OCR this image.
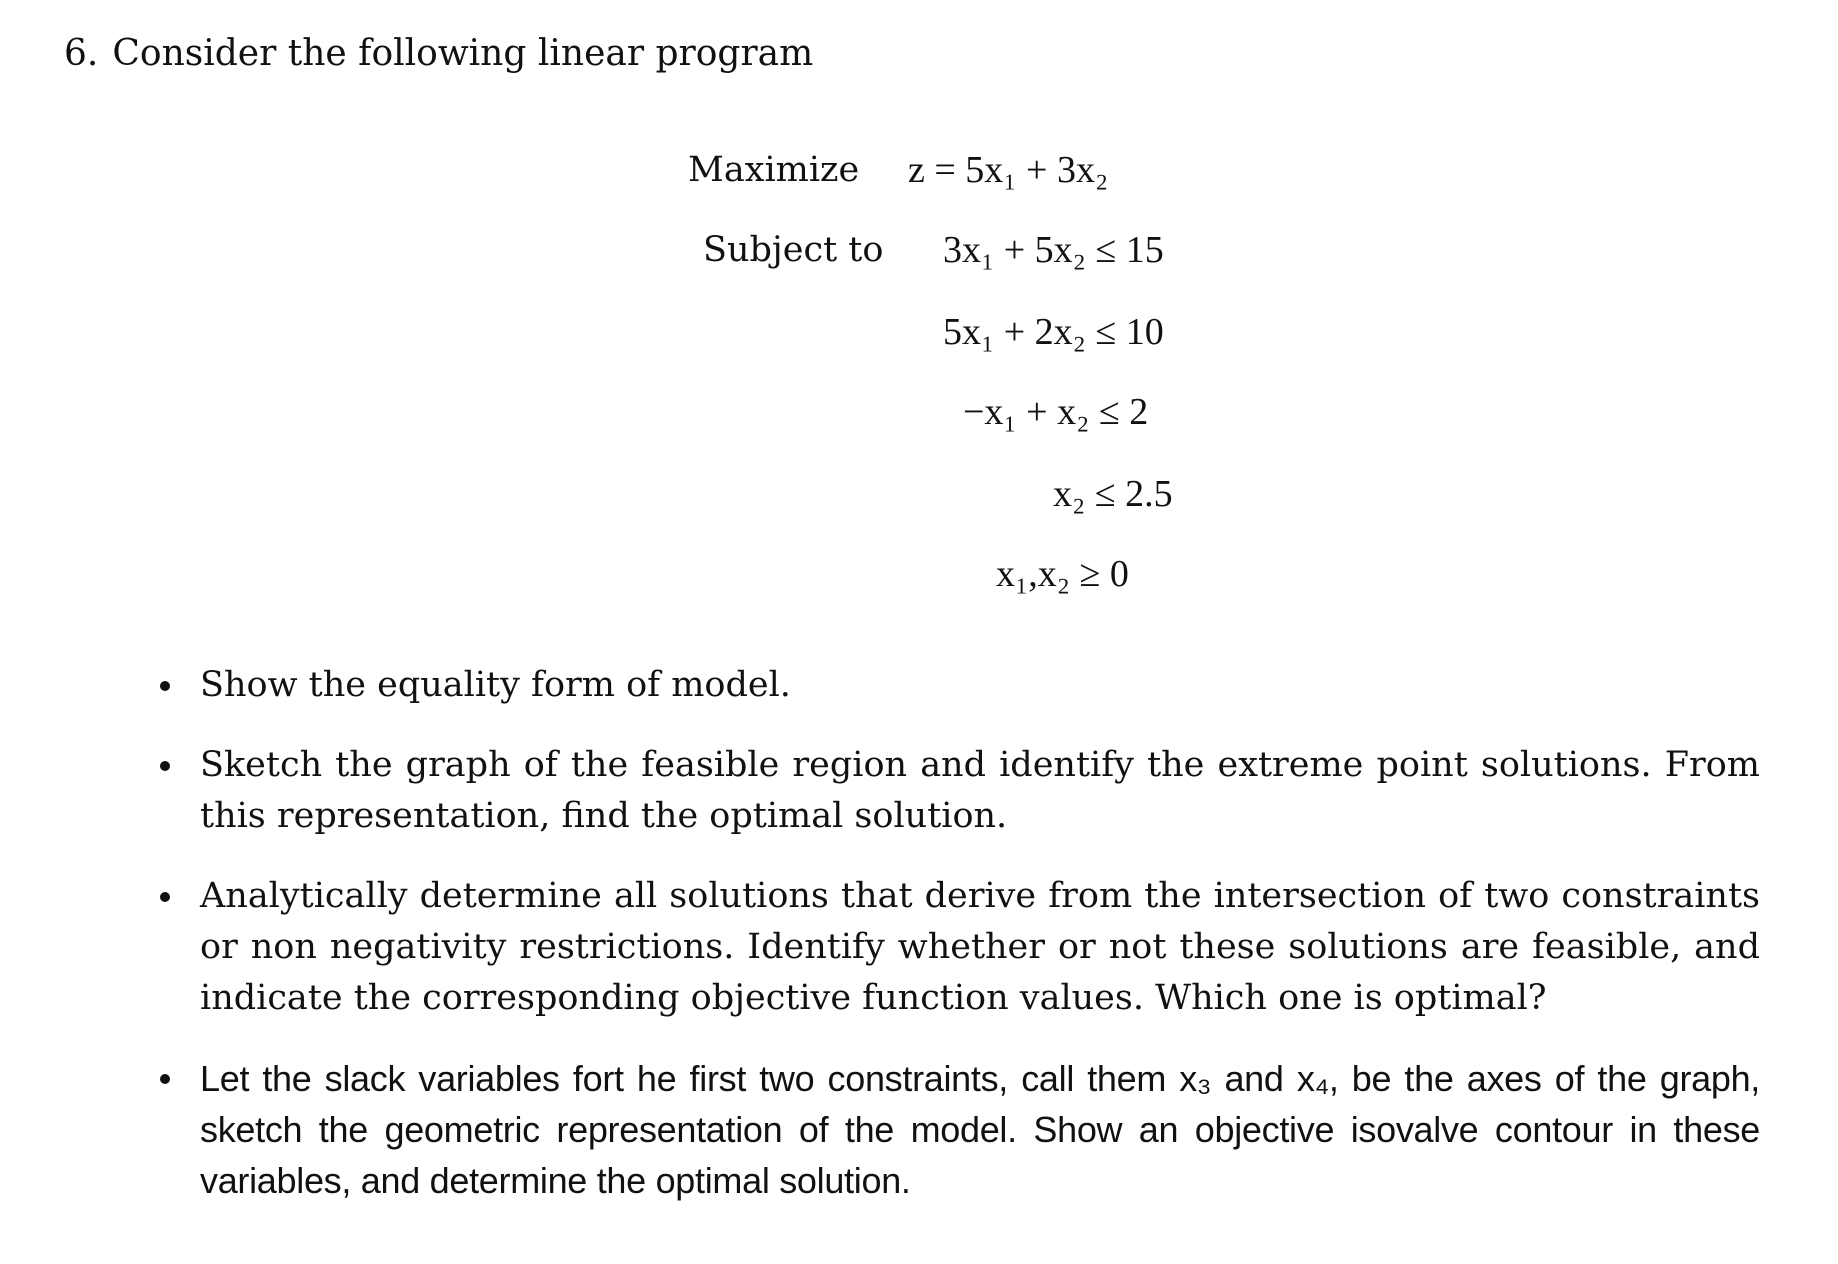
6. Consider the following linear program
Maximize z = 5x₁ + 3x₂
Subject to 3x₁ + 5x₂ ≤ 15
5x₁ + 2x₂ ≤ 10
−x₁ + x₂ ≤ 2
x₂ ≤ 2.5
x₁,x₂ ≥ 0
Show the equality form of model.
Sketch the graph of the feasible region and identify the extreme point solutions. From this representation, find the optimal solution.
Analytically determine all solutions that derive from the intersection of two constraints or non negativity restrictions. Identify whether or not these solutions are feasible, and indicate the corresponding objective function values. Which one is optimal?
Let the slack variables fort he first two constraints, call them x₃ and x₄, be the axes of the graph, sketch the geometric representation of the model. Show an objective isovalve contour in these variables, and determine the optimal solution.
